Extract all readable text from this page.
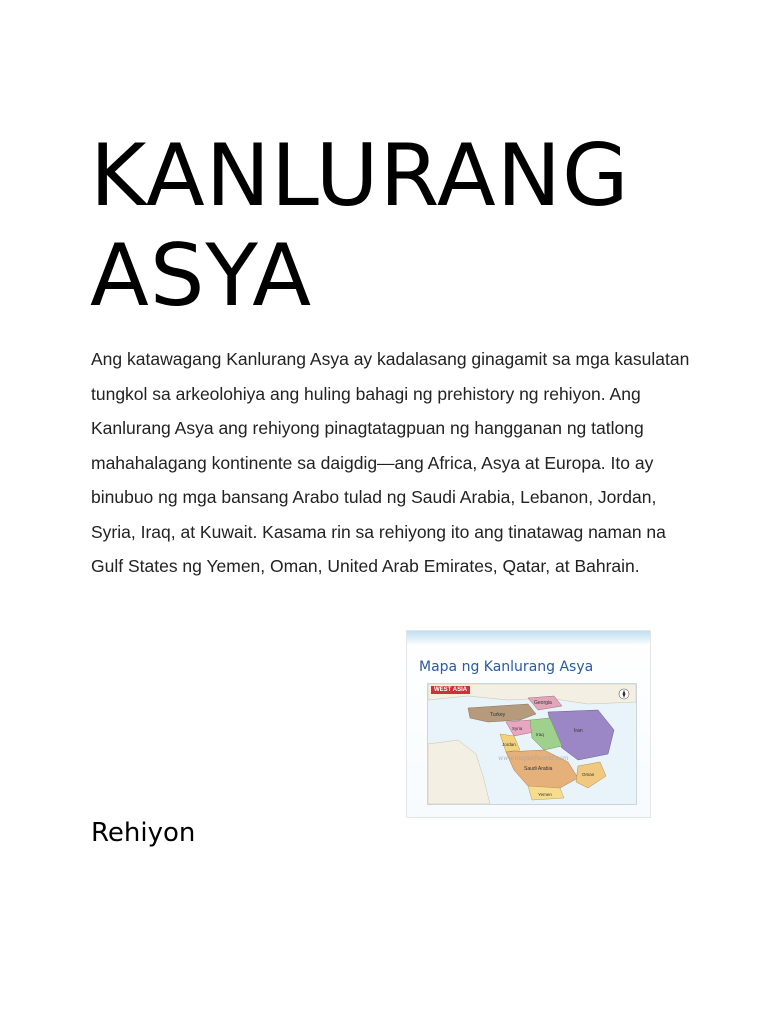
KANLURANG
ASYA

Ang katawagang Kanlurang Asya ay kadalasang ginagamit sa mga kasulatan tungkol sa arkeolohiya ang huling bahagi ng prehistory ng rehiyon. Ang Kanlurang Asya ang rehiyong pinagtatagpuan ng hangganan ng tatlong mahahalagang kontinente sa daigdig—ang Africa, Asya at Europa. Ito ay binubuo ng mga bansang Arabo tulad ng Saudi Arabia, Lebanon, Jordan, Syria, Iraq, at Kuwait. Kasama rin sa rehiyong ito ang tinatawag naman na Gulf States ng Yemen, Oman, United Arab Emirates, Qatar, at Bahrain.

Mapa ng Kanlurang Asya
Georgia
Turkey
Syria
Iraq
Iran
Jordan
Saudi Arabia
Oman
Yemen
www.mapsofworld.com
WEST ASIA
Rehiyon
